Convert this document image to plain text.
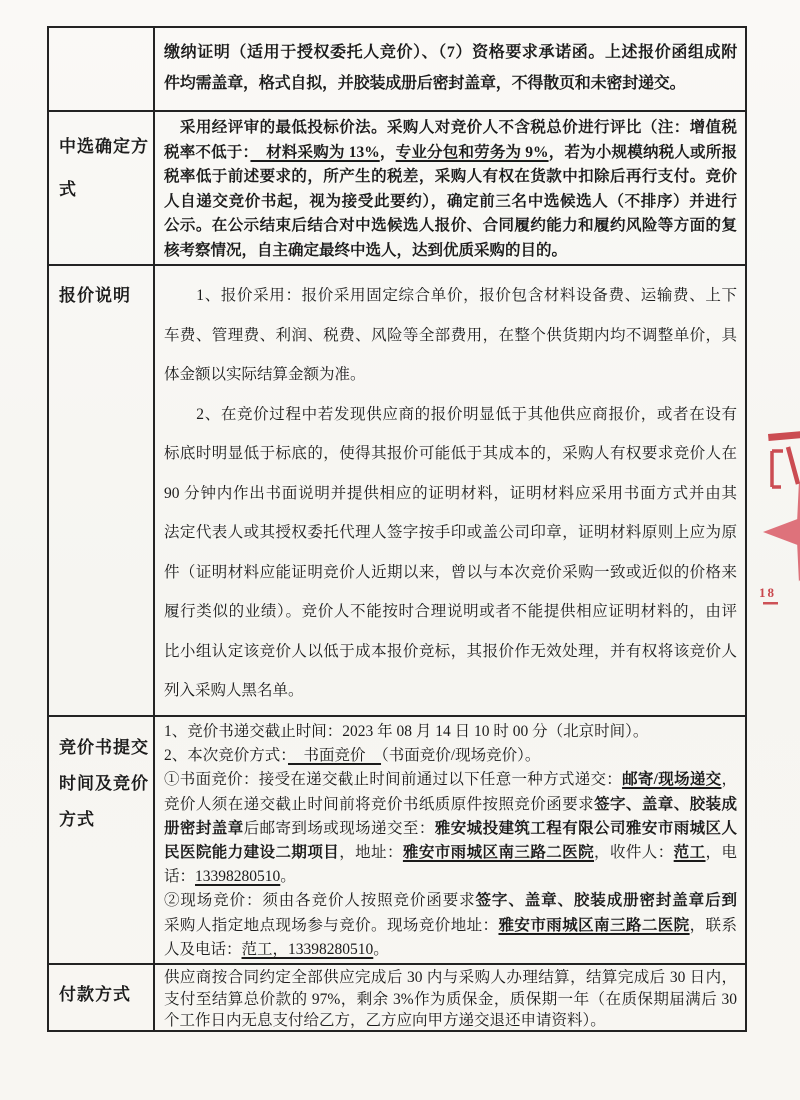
缴纳证明（适用于授权委托人竞价）、（7）资格要求承诺函。上述报价函组成附
件均需盖章，格式自拟，并胶装成册后密封盖章，不得散页和未密封递交。
中选确定方
式
　采用经评审的最低投标价法。采购人对竞价人不含税总价进行评比（注：增值税
税率不低于：　材料采购为 13%，专业分包和劳务为 9%，若为小规模纳税人或所报
税率低于前述要求的，所产生的税差，采购人有权在货款中扣除后再行支付。竞价
人自递交竞价书起，视为接受此要约），确定前三名中选候选人（不排序）并进行
公示。在公示结束后结合对中选候选人报价、合同履约能力和履约风险等方面的复
核考察情况，自主确定最终中选人，达到优质采购的目的。
报价说明	　　1、报价采用：报价采用固定综合单价，报价包含材料设备费、运输费、上下
车费、管理费、利润、税费、风险等全部费用，在整个供货期内均不调整单价，具
体金额以实际结算金额为准。
　　2、在竞价过程中若发现供应商的报价明显低于其他供应商报价，或者在设有
标底时明显低于标底的，使得其报价可能低于其成本的，采购人有权要求竞价人在
90 分钟内作出书面说明并提供相应的证明材料，证明材料应采用书面方式并由其
法定代表人或其授权委托代理人签字按手印或盖公司印章，证明材料原则上应为原
件（证明材料应能证明竞价人近期以来，曾以与本次竞价采购一致或近似的价格来
履行类似的业绩）。竞价人不能按时合理说明或者不能提供相应证明材料的，由评
比小组认定该竞价人以低于成本报价竞标，其报价作无效处理，并有权将该竞价人
列入采购人黑名单。
竞价书提交
时间及竞价
方式
1、竞价书递交截止时间：2023 年 08 月 14 日 10 时 00 分（北京时间）。
2、本次竞价方式：　书面竞价　（书面竞价/现场竞价）。
①书面竞价：接受在递交截止时间前通过以下任意一种方式递交：邮寄/现场递交，
竞价人须在递交截止时间前将竞价书纸质原件按照竞价函要求签字、盖章、胶装成
册密封盖章后邮寄到场或现场递交至：雅安城投建筑工程有限公司雅安市雨城区人
民医院能力建设二期项目，地址：雅安市雨城区南三路二医院，收件人：范工，电
话：13398280510。
②现场竞价：须由各竞价人按照竞价函要求签字、盖章、胶装成册密封盖章后到
采购人指定地点现场参与竞价。现场竞价地址：雅安市雨城区南三路二医院，联系
人及电话：范工，13398280510。
付款方式
供应商按合同约定全部供应完成后 30 内与采购人办理结算，结算完成后 30 日内，
支付至结算总价款的 97%，剩余 3%作为质保金，质保期一年（在质保期届满后 30
个工作日内无息支付给乙方，乙方应向甲方递交退还申请资料）。
18
